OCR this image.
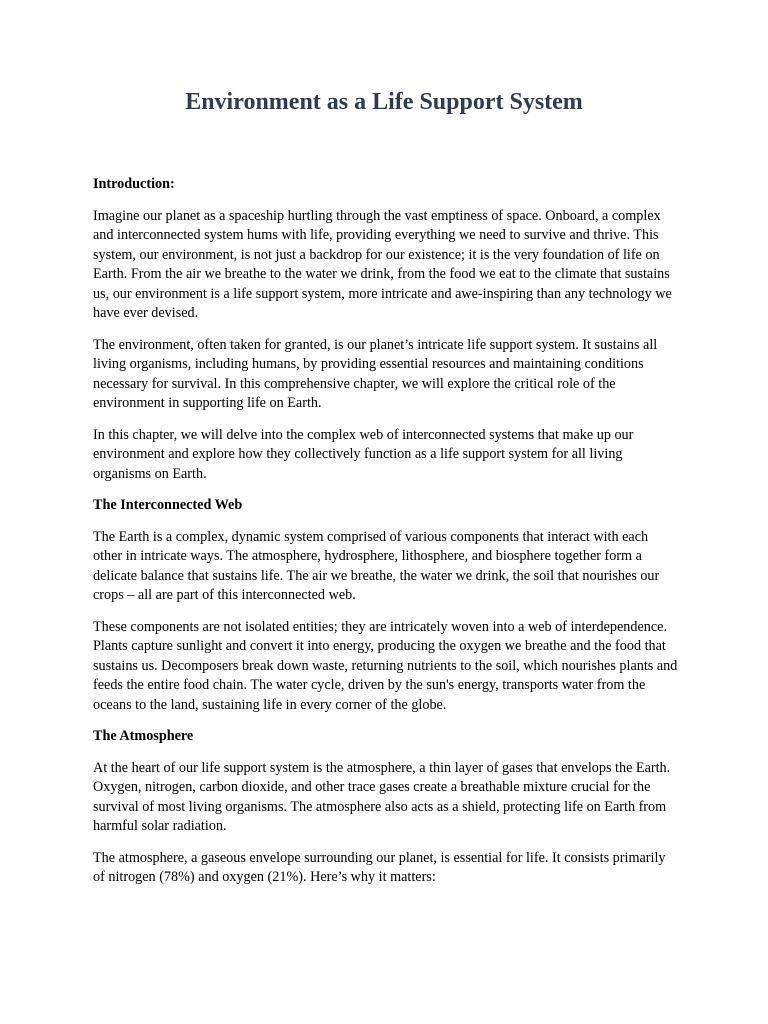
Environment as a Life Support System

Introduction:

Imagine our planet as a spaceship hurtling through the vast emptiness of space. Onboard, a complex and interconnected system hums with life, providing everything we need to survive and thrive. This system, our environment, is not just a backdrop for our existence; it is the very foundation of life on Earth. From the air we breathe to the water we drink, from the food we eat to the climate that sustains us, our environment is a life support system, more intricate and awe-inspiring than any technology we have ever devised.

The environment, often taken for granted, is our planet’s intricate life support system. It sustains all living organisms, including humans, by providing essential resources and maintaining conditions necessary for survival. In this comprehensive chapter, we will explore the critical role of the environment in supporting life on Earth.

In this chapter, we will delve into the complex web of interconnected systems that make up our environment and explore how they collectively function as a life support system for all living organisms on Earth.

The Interconnected Web

The Earth is a complex, dynamic system comprised of various components that interact with each other in intricate ways. The atmosphere, hydrosphere, lithosphere, and biosphere together form a delicate balance that sustains life. The air we breathe, the water we drink, the soil that nourishes our crops – all are part of this interconnected web.

These components are not isolated entities; they are intricately woven into a web of interdependence. Plants capture sunlight and convert it into energy, producing the oxygen we breathe and the food that sustains us. Decomposers break down waste, returning nutrients to the soil, which nourishes plants and feeds the entire food chain. The water cycle, driven by the sun's energy, transports water from the oceans to the land, sustaining life in every corner of the globe.

The Atmosphere

At the heart of our life support system is the atmosphere, a thin layer of gases that envelops the Earth. Oxygen, nitrogen, carbon dioxide, and other trace gases create a breathable mixture crucial for the survival of most living organisms. The atmosphere also acts as a shield, protecting life on Earth from harmful solar radiation.

The atmosphere, a gaseous envelope surrounding our planet, is essential for life. It consists primarily of nitrogen (78%) and oxygen (21%). Here’s why it matters:
